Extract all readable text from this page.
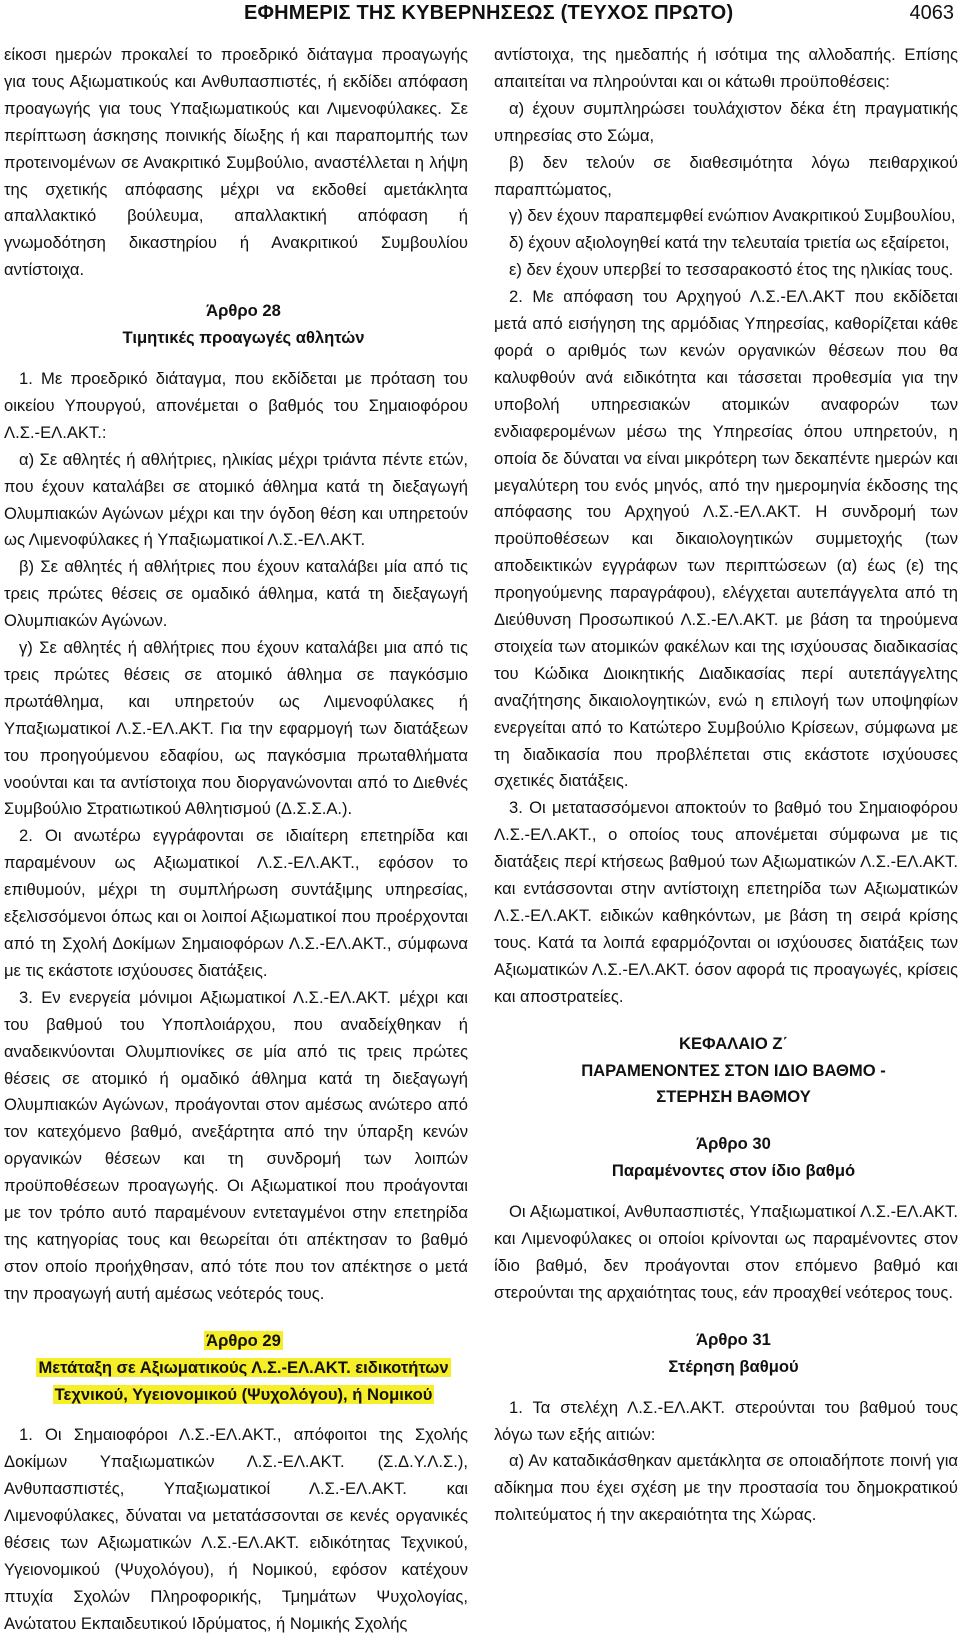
ΕΦΗΜΕΡΙΣ ΤΗΣ ΚΥΒΕΡΝΗΣΕΩΣ (ΤΕΥΧΟΣ ΠΡΩΤΟ)	4063

είκοσι ημερών προκαλεί το προεδρικό διάταγμα προαγωγής για τους Αξιωματικούς και Ανθυπασπιστές, ή εκδίδει απόφαση προαγωγής για τους Υπαξιωματικούς και Λιμενοφύλακες. Σε περίπτωση άσκησης ποινικής δίωξης ή και παραπομπής των προτεινομένων σε Ανακριτικό Συμβούλιο, αναστέλλεται η λήψη της σχετικής απόφασης μέχρι να εκδοθεί αμετάκλητα απαλλακτικό βούλευμα, απαλλακτική απόφαση ή γνωμοδότηση δικαστηρίου ή Ανακριτικού Συμβουλίου αντίστοιχα.

Άρθρο 28

Τιμητικές προαγωγές αθλητών

1. Με προεδρικό διάταγμα, που εκδίδεται με πρόταση του οικείου Υπουργού, απονέμεται ο βαθμός του Σημαιοφόρου Λ.Σ.-ΕΛ.ΑΚΤ.:

α) Σε αθλητές ή αθλήτριες, ηλικίας μέχρι τριάντα πέντε ετών, που έχουν καταλάβει σε ατομικό άθλημα κατά τη διεξαγωγή Ολυμπιακών Αγώνων μέχρι και την όγδοη θέση και υπηρετούν ως Λιμενοφύλακες ή Υπαξιωματικοί Λ.Σ.-ΕΛ.ΑΚΤ.

β) Σε αθλητές ή αθλήτριες που έχουν καταλάβει μία από τις τρεις πρώτες θέσεις σε ομαδικό άθλημα, κατά τη διεξαγωγή Ολυμπιακών Αγώνων.

γ) Σε αθλητές ή αθλήτριες που έχουν καταλάβει μια από τις τρεις πρώτες θέσεις σε ατομικό άθλημα σε παγκόσμιο πρωτάθλημα, και υπηρετούν ως Λιμενοφύλακες ή Υπαξιωματικοί Λ.Σ.-ΕΛ.ΑΚΤ. Για την εφαρμογή των διατάξεων του προηγούμενου εδαφίου, ως παγκόσμια πρωταθλήματα νοούνται και τα αντίστοιχα που διοργανώνονται από το Διεθνές Συμβούλιο Στρατιωτικού Αθλητισμού (Δ.Σ.Σ.Α.).

2. Οι ανωτέρω εγγράφονται σε ιδιαίτερη επετηρίδα και παραμένουν ως Αξιωματικοί Λ.Σ.-ΕΛ.ΑΚΤ., εφόσον το επιθυμούν, μέχρι τη συμπλήρωση συντάξιμης υπηρεσίας, εξελισσόμενοι όπως και οι λοιποί Αξιωματικοί που προέρχονται από τη Σχολή Δοκίμων Σημαιοφόρων Λ.Σ.-ΕΛ.ΑΚΤ., σύμφωνα με τις εκάστοτε ισχύουσες διατάξεις.

3. Εν ενεργεία μόνιμοι Αξιωματικοί Λ.Σ.-ΕΛ.ΑΚΤ. μέχρι και του βαθμού του Υποπλοιάρχου, που αναδείχθηκαν ή αναδεικνύονται Ολυμπιονίκες σε μία από τις τρεις πρώτες θέσεις σε ατομικό ή ομαδικό άθλημα κατά τη διεξαγωγή Ολυμπιακών Αγώνων, προάγονται στον αμέσως ανώτερο από τον κατεχόμενο βαθμό, ανεξάρτητα από την ύπαρξη κενών οργανικών θέσεων και τη συνδρομή των λοιπών προϋποθέσεων προαγωγής. Οι Αξιωματικοί που προάγονται με τον τρόπο αυτό παραμένουν εντεταγμένοι στην επετηρίδα της κατηγορίας τους και θεωρείται ότι απέκτησαν το βαθμό στον οποίο προήχθησαν, από τότε που τον απέκτησε ο μετά την προαγωγή αυτή αμέσως νεότερός τους.

Άρθρο 29

Μετάταξη σε Αξιωματικούς Λ.Σ.-ΕΛ.ΑΚΤ. ειδικοτήτων

Τεχνικού, Υγειονομικού (Ψυχολόγου), ή Νομικού

1. Οι Σημαιοφόροι Λ.Σ.-ΕΛ.ΑΚΤ., απόφοιτοι της Σχολής Δοκίμων Υπαξιωματικών Λ.Σ.-ΕΛ.ΑΚΤ. (Σ.Δ.Υ.Λ.Σ.), Ανθυπασπιστές, Υπαξιωματικοί Λ.Σ.-ΕΛ.ΑΚΤ. και Λιμενοφύλακες, δύναται να μετατάσσονται σε κενές οργανικές θέσεις των Αξιωματικών Λ.Σ.-ΕΛ.ΑΚΤ. ειδικότητας Τεχνικού, Υγειονομικού (Ψυχολόγου), ή Νομικού, εφόσον κατέχουν πτυχία Σχολών Πληροφορικής, Τμημάτων Ψυχολογίας, Ανώτατου Εκπαιδευτικού Ιδρύματος, ή Νομικής Σχολής

αντίστοιχα, της ημεδαπής ή ισότιμα της αλλοδαπής. Επίσης απαιτείται να πληρούνται και οι κάτωθι προϋποθέσεις:

α) έχουν συμπληρώσει τουλάχιστον δέκα έτη πραγματικής υπηρεσίας στο Σώμα,

β) δεν τελούν σε διαθεσιμότητα λόγω πειθαρχικού παραπτώματος,

γ) δεν έχουν παραπεμφθεί ενώπιον Ανακριτικού Συμβουλίου,

δ) έχουν αξιολογηθεί κατά την τελευταία τριετία ως εξαίρετοι,

ε) δεν έχουν υπερβεί το τεσσαρακοστό έτος της ηλικίας τους.

2. Με απόφαση του Αρχηγού Λ.Σ.-ΕΛ.ΑΚΤ που εκδίδεται μετά από εισήγηση της αρμόδιας Υπηρεσίας, καθορίζεται κάθε φορά ο αριθμός των κενών οργανικών θέσεων που θα καλυφθούν ανά ειδικότητα και τάσσεται προθεσμία για την υποβολή υπηρεσιακών ατομικών αναφορών των ενδιαφερομένων μέσω της Υπηρεσίας όπου υπηρετούν, η οποία δε δύναται να είναι μικρότερη των δεκαπέντε ημερών και μεγαλύτερη του ενός μηνός, από την ημερομηνία έκδοσης της απόφασης του Αρχηγού Λ.Σ.-ΕΛ.ΑΚΤ. Η συνδρομή των προϋποθέσεων και δικαιολογητικών συμμετοχής (των αποδεικτικών εγγράφων των περιπτώσεων (α) έως (ε) της προηγούμενης παραγράφου), ελέγχεται αυτεπάγγελτα από τη Διεύθυνση Προσωπικού Λ.Σ.-ΕΛ.ΑΚΤ. με βάση τα τηρούμενα στοιχεία των ατομικών φακέλων και της ισχύουσας διαδικασίας του Κώδικα Διοικητικής Διαδικασίας περί αυτεπάγγελτης αναζήτησης δικαιολογητικών, ενώ η επιλογή των υποψηφίων ενεργείται από το Κατώτερο Συμβούλιο Κρίσεων, σύμφωνα με τη διαδικασία που προβλέπεται στις εκάστοτε ισχύουσες σχετικές διατάξεις.

3. Οι μετατασσόμενοι αποκτούν το βαθμό του Σημαιοφόρου Λ.Σ.-ΕΛ.ΑΚΤ., ο οποίος τους απονέμεται σύμφωνα με τις διατάξεις περί κτήσεως βαθμού των Αξιωματικών Λ.Σ.-ΕΛ.ΑΚΤ. και εντάσσονται στην αντίστοιχη επετηρίδα των Αξιωματικών Λ.Σ.-ΕΛ.ΑΚΤ. ειδικών καθηκόντων, με βάση τη σειρά κρίσης τους. Κατά τα λοιπά εφαρμόζονται οι ισχύουσες διατάξεις των Αξιωματικών Λ.Σ.-ΕΛ.ΑΚΤ. όσον αφορά τις προαγωγές, κρίσεις και αποστρατείες.

ΚΕΦΑΛΑΙΟ Ζ΄

ΠΑΡΑΜΕΝΟΝΤΕΣ ΣΤΟΝ ΙΔΙΟ ΒΑΘΜΟ -

ΣΤΕΡΗΣΗ ΒΑΘΜΟΥ

Άρθρο 30

Παραμένοντες στον ίδιο βαθμό

Οι Αξιωματικοί, Ανθυπασπιστές, Υπαξιωματικοί Λ.Σ.-ΕΛ.ΑΚΤ. και Λιμενοφύλακες οι οποίοι κρίνονται ως παραμένοντες στον ίδιο βαθμό, δεν προάγονται στον επόμενο βαθμό και στερούνται της αρχαιότητας τους, εάν προαχθεί νεότερος τους.

Άρθρο 31

Στέρηση βαθμού

1. Τα στελέχη Λ.Σ.-ΕΛ.ΑΚΤ. στερούνται του βαθμού τους λόγω των εξής αιτιών:

α) Αν καταδικάσθηκαν αμετάκλητα σε οποιαδήποτε ποινή για αδίκημα που έχει σχέση με την προστασία του δημοκρατικού πολιτεύματος ή την ακεραιότητα της Χώρας.
